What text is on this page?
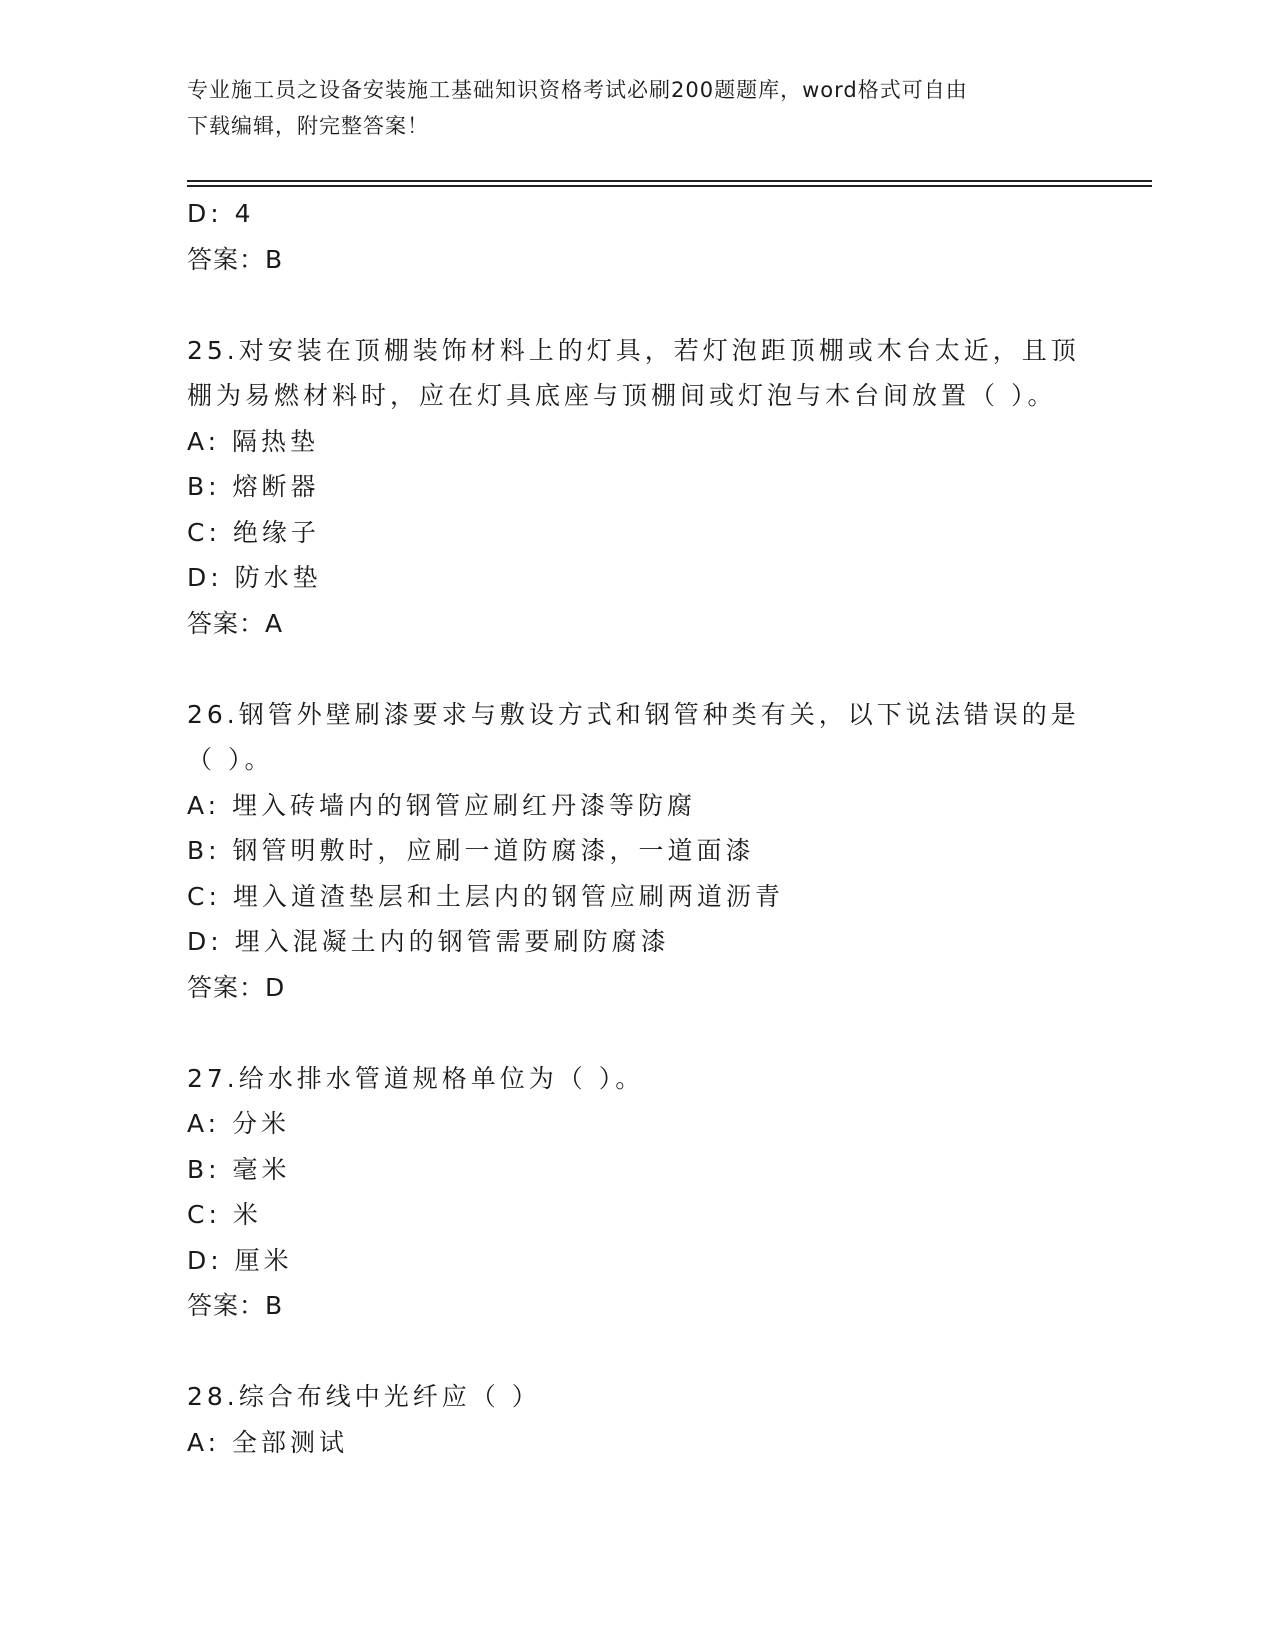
专业施工员之设备安装施工基础知识资格考试必刷200题题库，word格式可自由
下载编辑，附完整答案！
D: 4
答案：B
25.对安装在顶棚装饰材料上的灯具，若灯泡距顶棚或木台太近，且顶
棚为易燃材料时，应在灯具底座与顶棚间或灯泡与木台间放置（ ）。
A: 隔热垫
B: 熔断器
C: 绝缘子
D: 防水垫
答案：A
26.钢管外壁刷漆要求与敷设方式和钢管种类有关，以下说法错误的是
（ ）。
A: 埋入砖墙内的钢管应刷红丹漆等防腐
B: 钢管明敷时，应刷一道防腐漆，一道面漆
C: 埋入道渣垫层和土层内的钢管应刷两道沥青
D: 埋入混凝土内的钢管需要刷防腐漆
答案：D
27.给水排水管道规格单位为（ ）。
A: 分米
B: 毫米
C: 米
D: 厘米
答案：B
28.综合布线中光纤应（ ）
A: 全部测试
